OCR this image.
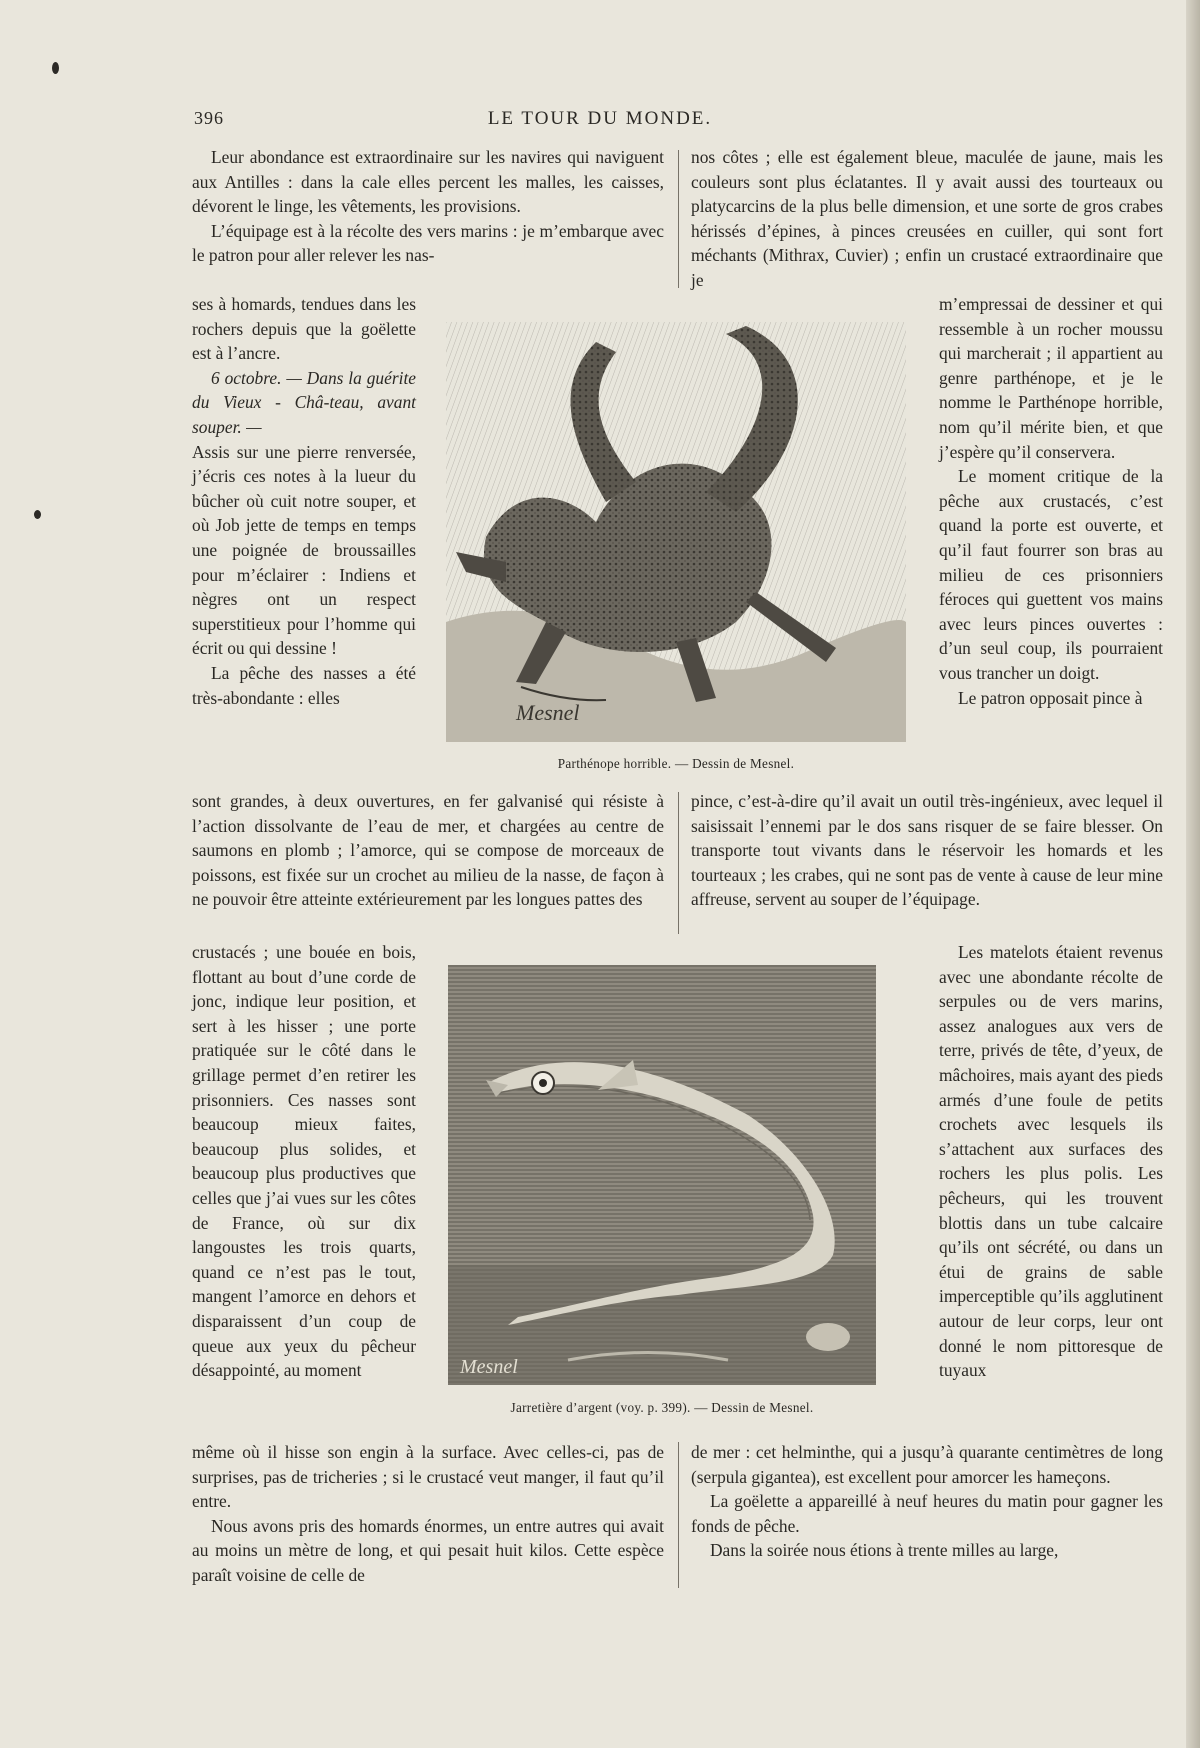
396	LE TOUR DU MONDE.

Leur abondance est extraordinaire sur les navires qui naviguent aux Antilles : dans la cale elles percent les malles, les caisses, dévorent le linge, les vêtements, les provisions.

L’équipage est à la récolte des vers marins : je m’embarque avec le patron pour aller relever les nas-

ses à homards, tendues dans les rochers depuis que la goëlette est à l’ancre.

6 octobre. — Dans la guérite du Vieux - Châ-teau, avant souper. —

Assis sur une pierre renversée, j’écris ces notes à la lueur du bûcher où cuit notre souper, et où Job jette de temps en temps une poignée de broussailles pour m’éclairer : Indiens et nègres ont un respect superstitieux pour l’homme qui écrit ou qui dessine !

La pêche des nasses a été très-abondante : elles

sont grandes, à deux ouvertures, en fer galvanisé qui résiste à l’action dissolvante de l’eau de mer, et chargées au centre de saumons en plomb ; l’amorce, qui se compose de morceaux de poissons, est fixée sur un crochet au milieu de la nasse, de façon à ne pouvoir être atteinte extérieurement par les longues pattes des

crustacés ; une bouée en bois, flottant au bout d’une corde de jonc, indique leur position, et sert à les hisser ; une porte pratiquée sur le côté dans le grillage permet d’en retirer les prisonniers. Ces nasses sont beaucoup mieux faites, beaucoup plus solides, et beaucoup plus productives que celles que j’ai vues sur les côtes de France, où sur dix langoustes les trois quarts, quand ce n’est pas le tout, mangent l’amorce en dehors et disparaissent d’un coup de queue aux yeux du pêcheur désappointé, au moment

même où il hisse son engin à la surface. Avec celles-ci, pas de surprises, pas de tricheries ; si le crustacé veut manger, il faut qu’il entre.

Nous avons pris des homards énormes, un entre autres qui avait au moins un mètre de long, et qui pesait huit kilos. Cette espèce paraît voisine de celle de

nos côtes ; elle est également bleue, maculée de jaune, mais les couleurs sont plus éclatantes. Il y avait aussi des tourteaux ou platycarcins de la plus belle dimension, et une sorte de gros crabes hérissés d’épines, à pinces creusées en cuiller, qui sont fort méchants (Mithrax, Cuvier) ; enfin un crustacé extraordinaire que je

m’empressai de dessiner et qui ressemble à un rocher moussu qui marcherait ; il appartient au genre parthénope, et je le nomme le Parthénope horrible, nom qu’il mérite bien, et que j’espère qu’il conservera.

Le moment critique de la pêche aux crustacés, c’est quand la porte est ouverte, et qu’il faut fourrer son bras au milieu de ces prisonniers féroces qui guettent vos mains avec leurs pinces ouvertes : d’un seul coup, ils pourraient vous trancher un doigt.

Le patron opposait pince à

pince, c’est-à-dire qu’il avait un outil très-ingénieux, avec lequel il saisissait l’ennemi par le dos sans risquer de se faire blesser. On transporte tout vivants dans le réservoir les homards et les tourteaux ; les crabes, qui ne sont pas de vente à cause de leur mine affreuse, servent au souper de l’équipage.

Les matelots étaient revenus avec une abondante récolte de serpules ou de vers marins, assez analogues aux vers de terre, privés de tête, d’yeux, de mâchoires, mais ayant des pieds armés d’une foule de petits crochets avec lesquels ils s’attachent aux surfaces des rochers les plus polis. Les pêcheurs, qui les trouvent blottis dans un tube calcaire qu’ils ont sécrété, ou dans un étui de grains de sable imperceptible qu’ils agglutinent autour de leur corps, leur ont donné le nom pittoresque de tuyaux

de mer : cet helminthe, qui a jusqu’à quarante centimètres de long (serpula gigantea), est excellent pour amorcer les hameçons.

La goëlette a appareillé à neuf heures du matin pour gagner les fonds de pêche.

Dans la soirée nous étions à trente milles au large,

Mesnel
Parthénope horrible. — Dessin de Mesnel.
Mesnel
Jarretière d’argent (voy. p. 399). — Dessin de Mesnel.
